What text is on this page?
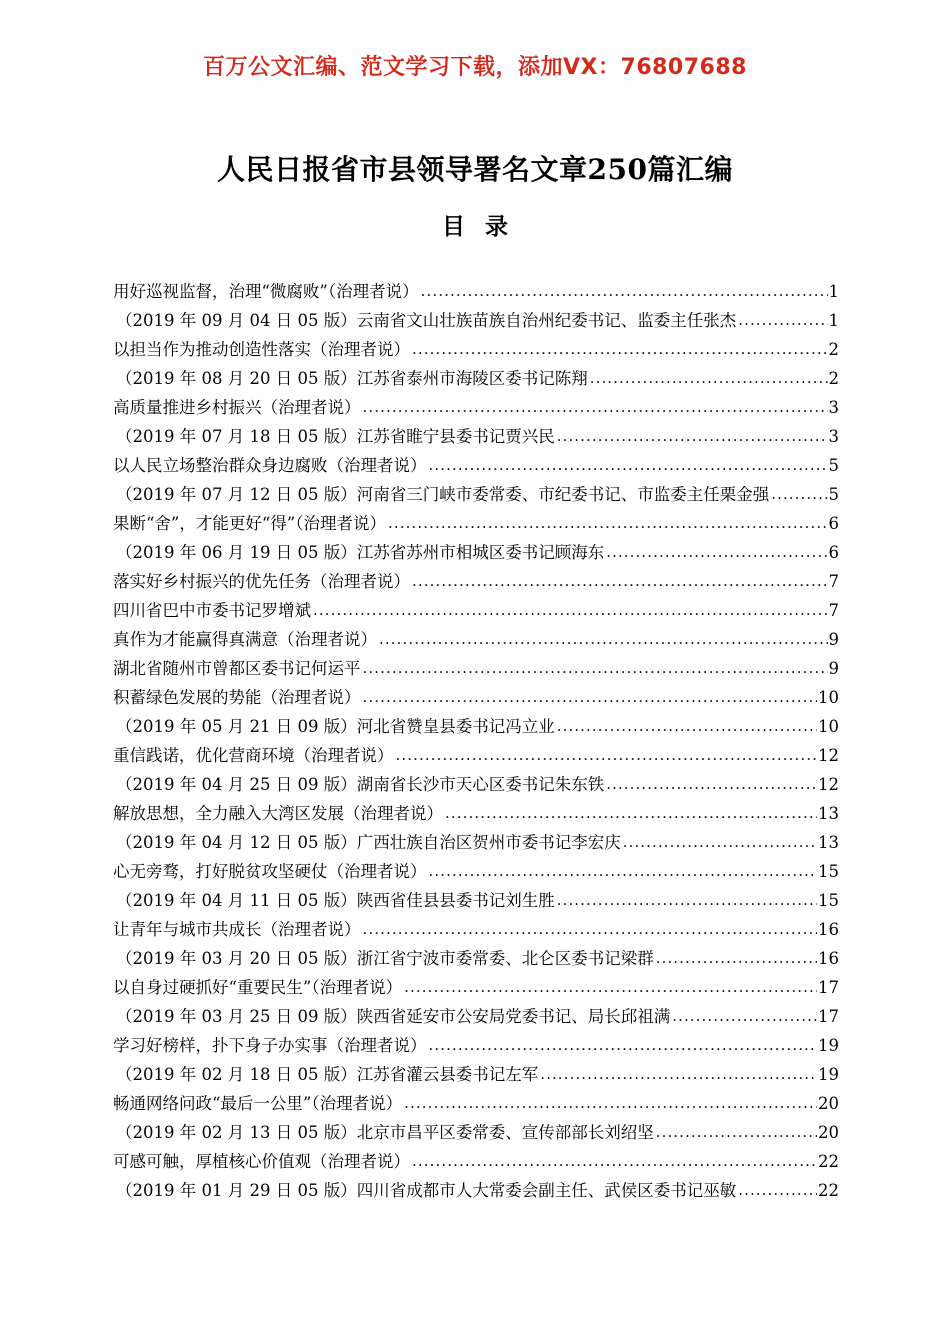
百万公文汇编、范文学习下载，添加VX：76807688
人民日报省市县领导署名文章250篇汇编
目 录
用好巡视监督，治理“微腐败”（治理者说） .....	1
（2019 年 09 月 04 日 05 版）云南省文山壮族苗族自治州纪委书记、监委主任张杰 .....	1
以担当作为推动创造性落实（治理者说） .....	2
（2019 年 08 月 20 日 05 版）江苏省泰州市海陵区委书记陈翔 .....	2
高质量推进乡村振兴（治理者说） .....	3
（2019 年 07 月 18 日 05 版）江苏省睢宁县委书记贾兴民 .....	3
以人民立场整治群众身边腐败（治理者说） .....	5
（2019 年 07 月 12 日 05 版）河南省三门峡市委常委、市纪委书记、市监委主任栗金强 .....	5
果断“舍”，才能更好“得”（治理者说） .....	6
（2019 年 06 月 19 日 05 版）江苏省苏州市相城区委书记顾海东 .....	6
落实好乡村振兴的优先任务（治理者说） .....	7
四川省巴中市委书记罗增斌 .....	7
真作为才能赢得真满意（治理者说） .....	9
湖北省随州市曾都区委书记何运平 .....	9
积蓄绿色发展的势能（治理者说） .....	10
（2019 年 05 月 21 日 09 版）河北省赞皇县委书记冯立业 .....	10
重信践诺，优化营商环境（治理者说） .....	12
（2019 年 04 月 25 日 09 版）湖南省长沙市天心区委书记朱东铁 .....	12
解放思想，全力融入大湾区发展（治理者说） .....	13
（2019 年 04 月 12 日 05 版）广西壮族自治区贺州市委书记李宏庆 .....	13
心无旁骛，打好脱贫攻坚硬仗（治理者说） .....	15
（2019 年 04 月 11 日 05 版）陕西省佳县县委书记刘生胜 .....	15
让青年与城市共成长（治理者说） .....	16
（2019 年 03 月 20 日 05 版）浙江省宁波市委常委、北仑区委书记梁群 .....	16
以自身过硬抓好“重要民生”（治理者说） .....	17
（2019 年 03 月 25 日 09 版）陕西省延安市公安局党委书记、局长邱祖满 .....	17
学习好榜样，扑下身子办实事（治理者说） .....	19
（2019 年 02 月 18 日 05 版）江苏省灌云县委书记左军 .....	19
畅通网络问政“最后一公里”（治理者说） .....	20
（2019 年 02 月 13 日 05 版）北京市昌平区委常委、宣传部部长刘绍坚 .....	20
可感可触，厚植核心价值观（治理者说） .....	22
（2019 年 01 月 29 日 05 版）四川省成都市人大常委会副主任、武侯区委书记巫敏 .....	22
